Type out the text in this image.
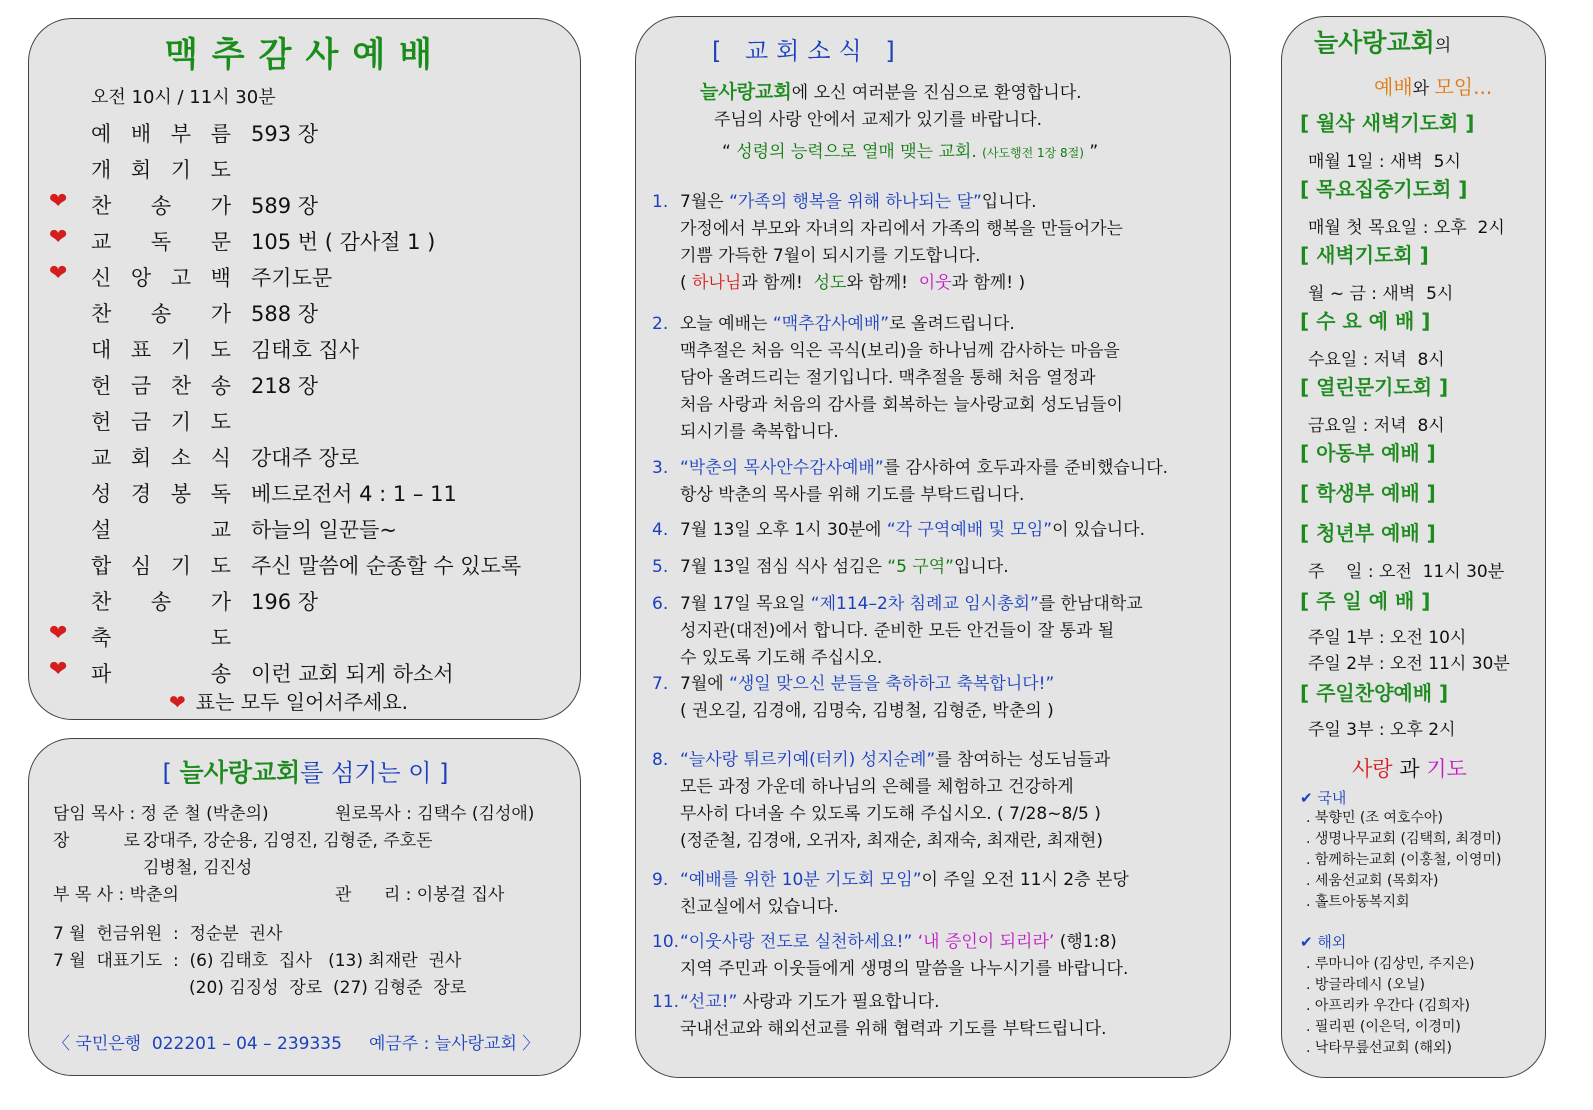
맥추감사예배
오전 10시 / 11시 30분
예 배 부 름 593 장
개 회 기 도
❤ 찬 송 가 589 장
❤ 교 독 문 105 번 ( 감사절 1 )
❤ 신 앙 고 백 주기도문
찬 송 가 588 장
대 표 기 도 김태호 집사
헌 금 찬 송 218 장
헌 금 기 도
교 회 소 식 강대주 장로
성 경 봉 독 베드로전서 4 : 1 – 11
설	교 하늘의 일꾼들~
합 심 기 도 주신 말씀에 순종할 수 있도록
찬 송 가 196 장
❤ 축	도
❤ 파	송 이런 교회 되게 하소서
❤ 표는 모두 일어서주세요.
[ 늘사랑교회를 섬기는 이 ]
담임 목사 : 정 준 철 (박춘의)	원로목사 : 김택수 (김성애)
장          로 :
강대주, 강순용, 김영진, 김형준, 주호돈
김병철, 김진성
부 목 사 : 박춘의	관      리 : 이봉걸 집사
7 월  헌금위원  :  정순분  권사
7 월  대표기도  :  (6) 김태호  집사   (13) 최재란  권사
(20) 김징성  장로  (27) 김형준  장로
〈 국민은행  022201 – 04 – 239335     예금주 : 늘사랑교회 〉
[ 교회소식 ]
늘사랑교회에 오신 여러분을 진심으로 환영합니다.
주님의 사랑 안에서 교제가 있기를 바랍니다.
“ 성령의 능력으로 열매 맺는 교회. (사도행전 1장 8절) ”
1. 7월은 “가족의 행복을 위해 하나되는 달”입니다.
가정에서 부모와 자녀의 자리에서 가족의 행복을 만들어가는
기쁨 가득한 7월이 되시기를 기도합니다.
( 하나님과 함께!  성도와 함께!  이웃과 함께! )
2. 오늘 예배는 “맥추감사예배”로 올려드립니다.
맥추절은 처음 익은 곡식(보리)을 하나님께 감사하는 마음을
담아 올려드리는 절기입니다. 맥추절을 통해 처음 열정과
처음 사랑과 처음의 감사를 회복하는 늘사랑교회 성도님들이
되시기를 축복합니다.
3. “박춘의 목사안수감사예배”를 감사하여 호두과자를 준비했습니다.
항상 박춘의 목사를 위해 기도를 부탁드립니다.
4. 7월 13일 오후 1시 30분에 “각 구역예배 및 모임”이 있습니다.
5. 7월 13일 점심 식사 섬김은 “5 구역”입니다.
6. 7월 17일 목요일 “제114–2차 침례교 임시총회”를 한남대학교
성지관(대전)에서 합니다. 준비한 모든 안건들이 잘 통과 될
수 있도록 기도해 주십시오.
7. 7월에 “생일 맞으신 분들을 축하하고 축복합니다!”
( 권오길, 김경애, 김명숙, 김병철, 김형준, 박춘의 )
8. “늘사랑 튀르키예(터키) 성지순례”를 참여하는 성도님들과
모든 과정 가운데 하나님의 은혜를 체험하고 건강하게
무사히 다녀올 수 있도록 기도해 주십시오. ( 7/28~8/5 )
(정준철, 김경애, 오귀자, 최재순, 최재숙, 최재란, 최재현)
9. “예배를 위한 10분 기도회 모임”이 주일 오전 11시 2층 본당
친교실에서 있습니다.
10.“이웃사랑 전도로 실천하세요!” ‘내 증인이 되리라’ (행1:8)
지역 주민과 이웃들에게 생명의 말씀을 나누시기를 바랍니다.
11.“선교!” 사랑과 기도가 필요합니다.
국내선교와 해외선교를 위해 협력과 기도를 부탁드립니다.
늘사랑교회의
예배와 모임...
[ 월삭 새벽기도회 ]
매월 1일 : 새벽  5시
[ 목요집중기도회 ]
매월 첫 목요일 : 오후  2시
[ 새벽기도회 ]
월 ~ 금 : 새벽  5시
[ 수 요 예 배 ]
수요일 : 저녁  8시
[ 열린문기도회 ]
금요일 : 저녁  8시
[ 아동부 예배 ]
[ 학생부 예배 ]
[ 청년부 예배 ]
주    일 : 오전  11시 30분
[ 주 일 예 배 ]
주일 1부 : 오전 10시
주일 2부 : 오전 11시 30분
[ 주일찬양예배 ]
주일 3부 : 오후 2시
사랑 과 기도
✔ 국내
. 북향민 (조 여호수아)
. 생명나무교회 (김택희, 최경미)
. 함께하는교회 (이홍철, 이영미)
. 세움선교회 (목회자)
. 홀트아동복지회
✔ 해외
. 루마니아 (김상민, 주지은)
. 방글라데시 (오닐)
. 아프리카 우간다 (김희자)
. 필리핀 (이은덕, 이경미)
. 낙타무릎선교회 (해외)
